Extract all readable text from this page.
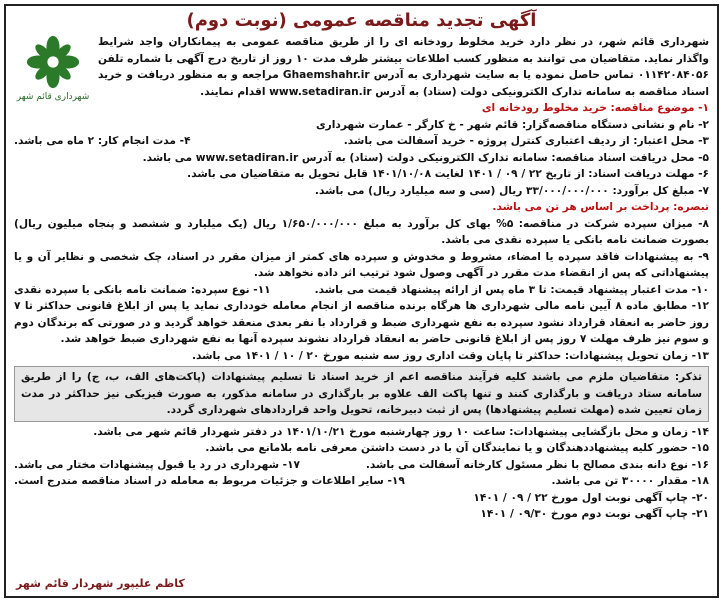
آگهی تجدید مناقصه عمومی (نوبت دوم)
شهرداری قائم شهر
شهرداری قائم شهر، در نظر دارد خرید مخلوط رودخانه ای را از طریق مناقصه عمومی به پیمانکاران واجد شرایط واگذار نماید. متقاضیان می توانند به منظور کسب اطلاعات بیشتر ظرف مدت ۱۰ روز از تاریخ درج آگهی با شماره تلفن ۰۱۱۴۲۰۸۴۰۵۶ تماس حاصل نموده یا به سایت شهرداری به آدرس Ghaemshahr.ir مراجعه و به منظور دریافت و خرید اسناد مناقصه به سامانه تدارک الکترونیکی دولت (ستاد) به آدرس www.setadiran.ir اقدام نمایند.
۱- موضوع مناقصه: خرید مخلوط رودخانه ای
۲- نام و نشانی دستگاه مناقصه‌گزار: قائم شهر - خ کارگر - عمارت شهرداری
۳- محل اعتبار: از ردیف اعتباری کنترل پروژه - خرید آسفالت می باشد.
۴- مدت انجام کار: ۲ ماه می باشد.
۵- محل دریافت اسناد مناقصه: سامانه تدارک الکترونیکی دولت (ستاد) به آدرس www.setadiran.ir می باشد.
۶- مهلت دریافت اسناد: از تاریخ ۲۲ / ۰۹ / ۱۴۰۱ لغایت ۱۴۰۱/۱۰/۰۸ قابل تحویل به متقاضیان می باشد.
۷- مبلغ کل برآورد: ۳۳/۰۰۰/۰۰۰/۰۰۰ ریال (سی و سه میلیارد ریال) می باشد.
تبصره: پرداخت بر اساس هر تن می باشد.
۸- میزان سپرده شرکت در مناقصه: ۵% بهای کل برآورد به مبلغ ۱/۶۵۰/۰۰۰/۰۰۰ ریال (یک میلیارد و ششصد و پنجاه میلیون ریال) بصورت ضمانت نامه بانکی یا سپرده نقدی می باشد.
۹- به پیشنهادات فاقد سپرده یا امضاء، مشروط و مخدوش و سپرده های کمتر از میزان مقرر در اسناد، چک شخصی و نظایر آن و یا پیشنهاداتی که پس از انقضاء مدت مقرر در آگهی وصول شود ترتیب اثر داده نخواهد شد.
۱۰- مدت اعتبار پیشنهاد قیمت: تا ۳ ماه پس از ارائه پیشنهاد قیمت می باشد.
۱۱- نوع سپرده: ضمانت نامه بانکی یا سپرده نقدی
۱۲- مطابق ماده ۸ آیین نامه مالی شهرداری ها هرگاه برنده مناقصه از انجام معامله خودداری نماید یا پس از ابلاغ قانونی حداکثر تا ۷ روز حاضر به انعقاد قرارداد نشود سپرده به نفع شهرداری ضبط و قرارداد با نفر بعدی منعقد خواهد گردید و در صورتی که برندگان دوم و سوم نیز ظرف مهلت ۷ روز پس از ابلاغ قانونی حاضر به انعقاد قرارداد نشوند سپرده آنها به نفع شهرداری ضبط خواهد شد.
۱۳- زمان تحویل پیشنهادات: حداکثر تا پایان وقت اداری روز سه شنبه مورخ ۲۰ / ۱۰ / ۱۴۰۱ می باشد.
تذکر: متقاضیان ملزم می باشند کلیه فرآیند مناقصه اعم از خرید اسناد تا تسلیم پیشنهادات (پاکت‌های الف، ب، ج) را از طریق سامانه ستاد دریافت و بارگذاری کنند و تنها پاکت الف علاوه بر بارگذاری در سامانه مذکور، به صورت فیزیکی نیز حداکثر در مدت زمان تعیین شده (مهلت تسلیم پیشنهادها) پس از ثبت دبیرخانه، تحویل واحد قراردادهای شهرداری گردد.
۱۴- زمان و محل بازگشایی پیشنهادات: ساعت ۱۰ روز چهارشنبه مورخ ۱۴۰۱/۱۰/۲۱ در دفتر شهردار قائم شهر می باشد.
۱۵- حضور کلیه پیشنهاددهندگان و یا نمایندگان آن با در دست داشتن معرفی نامه بلامانع می باشد.
۱۶- نوع دانه بندی مصالح با نظر مسئول کارخانه آسفالت می باشد.
۱۷- شهرداری در رد یا قبول پیشنهادات مختار می باشد.
۱۸- مقدار ۳۰۰۰۰ تن می باشد.
۱۹- سایر اطلاعات و جزئیات مربوط به معامله در اسناد مناقصه مندرج است.
۲۰- چاپ آگهی نوبت اول مورخ ۲۲ / ۰۹ / ۱۴۰۱
۲۱- چاپ آگهی نوبت دوم مورخ ۰۹/۳۰ / ۱۴۰۱
کاظم علیپور شهردار قائم شهر
